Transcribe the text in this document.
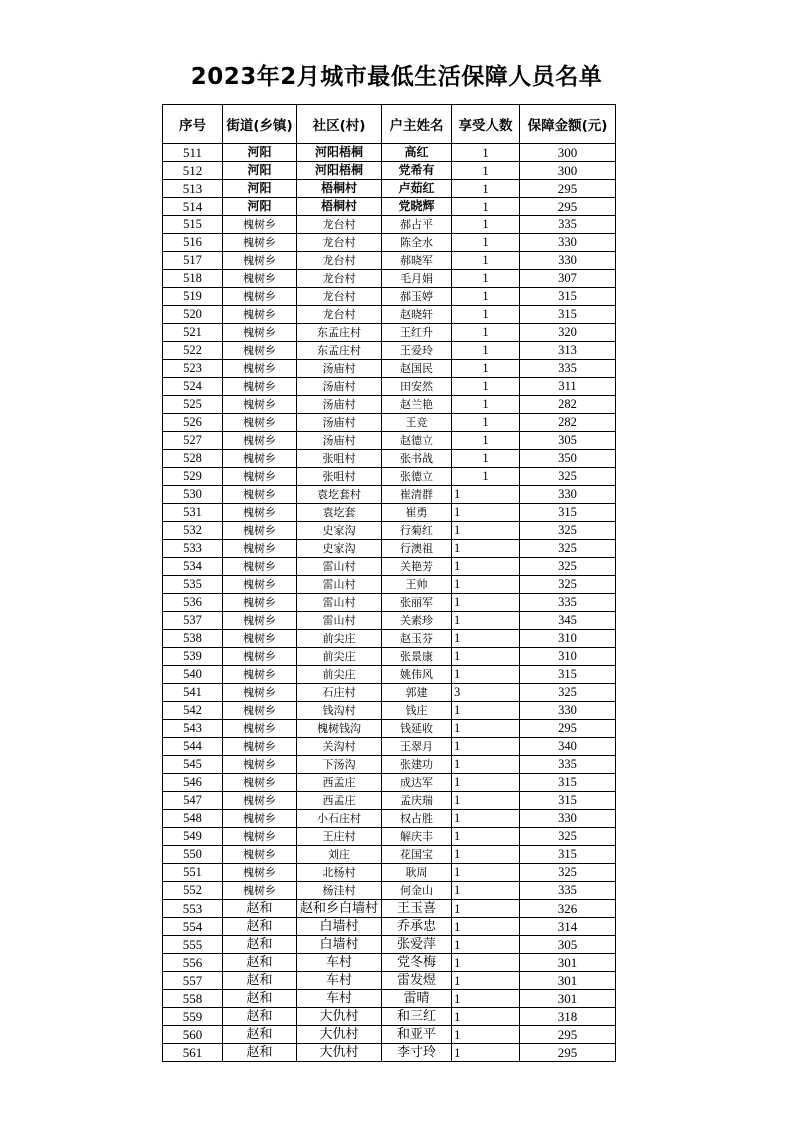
2023年2月城市最低生活保障人员名单
序号	街道(乡镇)	社区(村)	户主姓名	享受人数	保障金额(元)
511	河阳	河阳梧桐	高红	1	300
512	河阳	河阳梧桐	党希有	1	300
513	河阳	梧桐村	卢茹红	1	295
514	河阳	梧桐村	党晓辉	1	295
515	槐树乡	龙台村	郝占平	1	335
516	槐树乡	龙台村	陈全水	1	330
517	槐树乡	龙台村	郝晓军	1	330
518	槐树乡	龙台村	毛月娟	1	307
519	槐树乡	龙台村	郝玉婷	1	315
520	槐树乡	龙台村	赵晓轩	1	315
521	槐树乡	东孟庄村	王红升	1	320
522	槐树乡	东孟庄村	王爱玲	1	313
523	槐树乡	汤庙村	赵国民	1	335
524	槐树乡	汤庙村	田安然	1	311
525	槐树乡	汤庙村	赵兰艳	1	282
526	槐树乡	汤庙村	王竞	1	282
527	槐树乡	汤庙村	赵德立	1	305
528	槐树乡	张咀村	张书战	1	350
529	槐树乡	张咀村	张德立	1	325
530	槐树乡	袁圪套村	崔清群	1	330
531	槐树乡	袁圪套	崔勇	1	315
532	槐树乡	史家沟	行菊红	1	325
533	槐树乡	史家沟	行澳祖	1	325
534	槐树乡	雷山村	关艳芳	1	325
535	槐树乡	雷山村	王帅	1	325
536	槐树乡	雷山村	张丽军	1	335
537	槐树乡	雷山村	关素珍	1	345
538	槐树乡	前尖庄	赵玉芬	1	310
539	槐树乡	前尖庄	张景康	1	310
540	槐树乡	前尖庄	姚伟风	1	315
541	槐树乡	石庄村	郭建	3	325
542	槐树乡	钱沟村	钱庄	1	330
543	槐树乡	槐树钱沟	钱延收	1	295
544	槐树乡	关沟村	王翠月	1	340
545	槐树乡	下汤沟	张建功	1	335
546	槐树乡	西孟庄	成达军	1	315
547	槐树乡	西孟庄	孟庆瑞	1	315
548	槐树乡	小石庄村	权占胜	1	330
549	槐树乡	王庄村	解庆丰	1	325
550	槐树乡	刘庄	花国宝	1	315
551	槐树乡	北杨村	耿周	1	325
552	槐树乡	杨洼村	何金山	1	335
553	赵和	赵和乡白墙村	王玉喜	1	326
554	赵和	白墙村	乔承忠	1	314
555	赵和	白墙村	张爱萍	1	305
556	赵和	车村	党冬梅	1	301
557	赵和	车村	雷发煜	1	301
558	赵和	车村	雷晴	1	301
559	赵和	大仇村	和三红	1	318
560	赵和	大仇村	和亚平	1	295
561	赵和	大仇村	李寸玲	1	295
